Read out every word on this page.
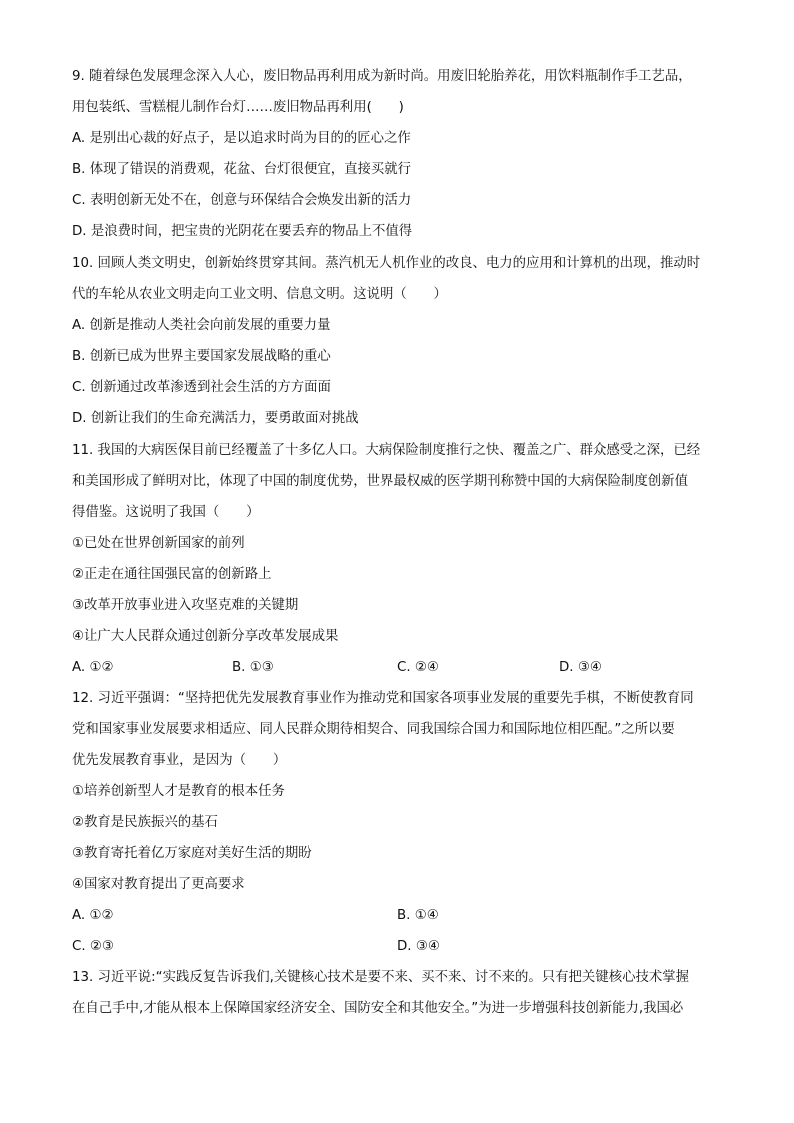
9. 随着绿色发展理念深入人心，废旧物品再利用成为新时尚。用废旧轮胎养花，用饮料瓶制作手工艺品，
用包装纸、雪糕棍儿制作台灯……废旧物品再利用(　　)
A. 是别出心裁的好点子，是以追求时尚为目的的匠心之作
B. 体现了错误的消费观，花盆、台灯很便宜，直接买就行
C. 表明创新无处不在，创意与环保结合会焕发出新的活力
D. 是浪费时间，把宝贵的光阴花在要丢弃的物品上不值得
10. 回顾人类文明史，创新始终贯穿其间。蒸汽机无人机作业的改良、电力的应用和计算机的出现，推动时
代的车轮从农业文明走向工业文明、信息文明。这说明（　　）
A. 创新是推动人类社会向前发展的重要力量
B. 创新已成为世界主要国家发展战略的重心
C. 创新通过改革渗透到社会生活的方方面面
D. 创新让我们的生命充满活力，要勇敢面对挑战
11. 我国的大病医保目前已经覆盖了十多亿人口。大病保险制度推行之快、覆盖之广、群众感受之深，已经
和美国形成了鲜明对比，体现了中国的制度优势，世界最权威的医学期刊称赞中国的大病保险制度创新值
得借鉴。这说明了我国（　　）
①已处在世界创新国家的前列
②正走在通往国强民富的创新路上
③改革开放事业进入攻坚克难的关键期
④让广大人民群众通过创新分享改革发展成果
A. ①②	B. ①③	C. ②④	D. ③④
12. 习近平强调：“坚持把优先发展教育事业作为推动党和国家各项事业发展的重要先手棋，不断使教育同
党和国家事业发展要求相适应、同人民群众期待相契合、同我国综合国力和国际地位相匹配。”之所以要
优先发展教育事业，是因为（　　）
①培养创新型人才是教育的根本任务
②教育是民族振兴的基石
③教育寄托着亿万家庭对美好生活的期盼
④国家对教育提出了更高要求
A. ①②	B. ①④
C. ②③	D. ③④
13. 习近平说:“实践反复告诉我们,关键核心技术是要不来、买不来、讨不来的。只有把关键核心技术掌握
在自己手中,才能从根本上保障国家经济安全、国防安全和其他安全。”为进一步增强科技创新能力,我国必
